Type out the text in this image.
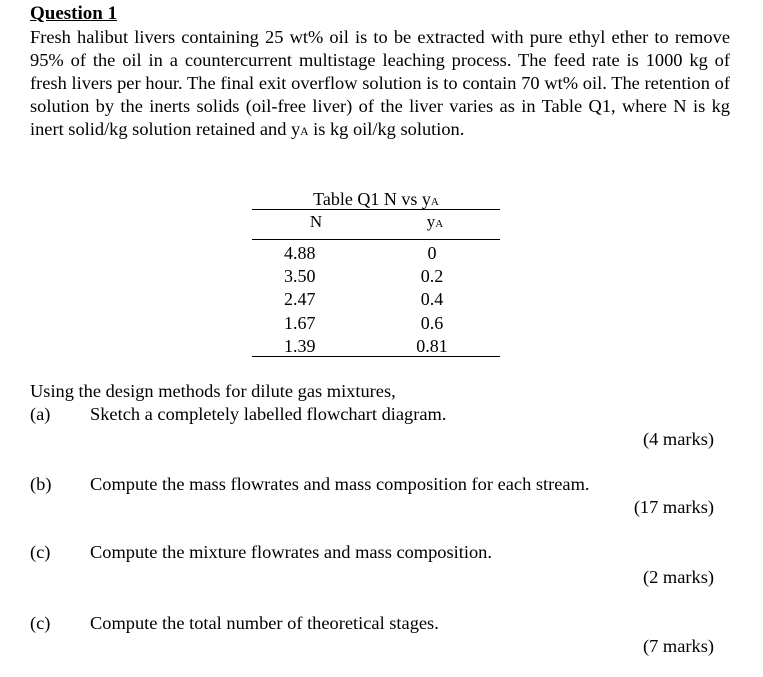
Question 1

Fresh halibut livers containing 25 wt% oil is to be extracted with pure ethyl ether to remove 95% of the oil in a countercurrent multistage leaching process. The feed rate is 1000 kg of fresh livers per hour. The final exit overflow solution is to contain 70 wt% oil. The retention of solution by the inerts solids (oil-free liver) of the liver varies as in Table Q1, where N is kg inert solid/kg solution retained and yA is kg oil/kg solution.

Table Q1 N vs yA

N	yA
4.88	0
3.50	0.2
2.47	0.4
1.67	0.6
1.39	0.81

Using the design methods for dilute gas mixtures,

(a) Sketch a completely labelled flowchart diagram.

(4 marks)

(b) Compute the mass flowrates and mass composition for each stream.

(17 marks)

(c) Compute the mixture flowrates and mass composition.

(2 marks)

(c) Compute the total number of theoretical stages.

(7 marks)
